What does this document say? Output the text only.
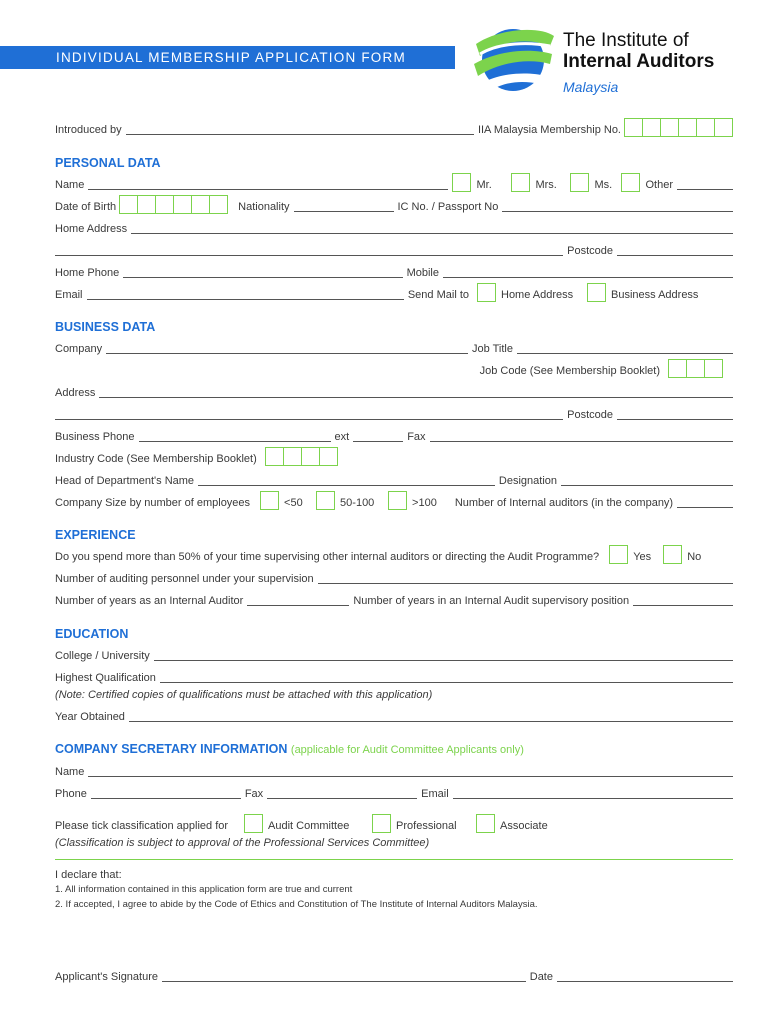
INDIVIDUAL MEMBERSHIP APPLICATION FORM
The Institute of
Internal Auditors
Malaysia
Introduced by	IIA Malaysia Membership No.
PERSONAL DATA
Name	Mr.	Mrs.	Ms.	Other
Date of Birth	Nationality	IC No. / Passport No
Home Address
Postcode
Home Phone	Mobile
Email	Send Mail to	Home Address	Business Address
BUSINESS DATA
Company	Job Title
Job Code (See Membership Booklet)
Address
Postcode
Business Phone	ext	Fax
Industry Code (See Membership Booklet)
Head of Department's Name	Designation
Company Size by number of employees	<50	50-100	>100 Number of Internal auditors (in the company)
EXPERIENCE
Do you spend more than 50% of your time supervising other internal auditors or directing the Audit Programme?	Yes	No
Number of auditing personnel under your supervision
Number of years as an Internal Auditor	Number of years in an Internal Audit supervisory position
EDUCATION
College / University
Highest Qualification
(Note: Certified copies of qualifications must be attached with this application)
Year Obtained
COMPANY SECRETARY INFORMATION (applicable for Audit Committee Applicants only)
Name
Phone	Fax	Email
Please tick classification applied for	Audit Committee	Professional	Associate
(Classification is subject to approval of the Professional Services Committee)
I declare that:
1. All information contained in this application form are true and current
2. If accepted, I agree to abide by the Code of Ethics and Constitution of The Institute of Internal Auditors Malaysia.
Applicant's Signature	Date
